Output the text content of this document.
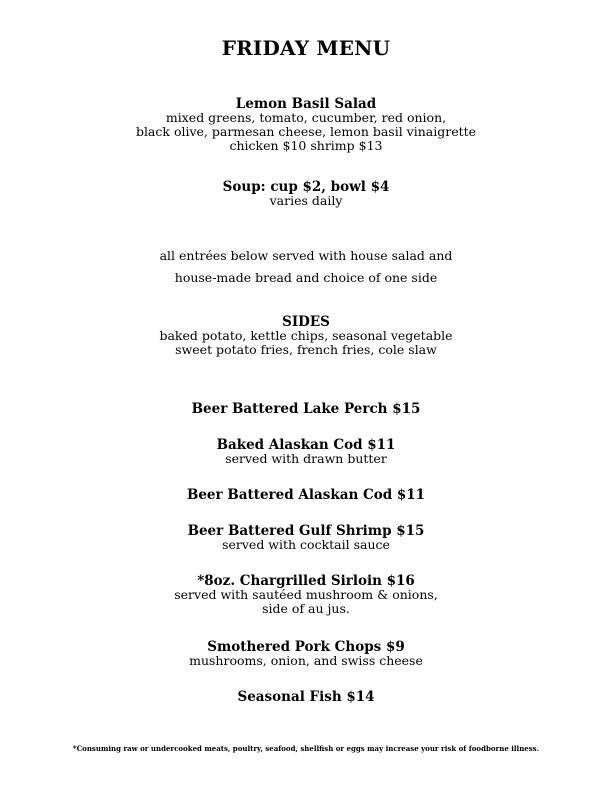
FRIDAY MENU
Lemon Basil Salad
mixed greens, tomato, cucumber, red onion,
black olive, parmesan cheese, lemon basil vinaigrette
chicken $10 shrimp $13
Soup: cup $2, bowl $4
varies daily
all entrées below served with house salad and
house-made bread and choice of one side
SIDES
baked potato, kettle chips, seasonal vegetable
sweet potato fries, french fries, cole slaw
Beer Battered Lake Perch $15
Baked Alaskan Cod $11
served with drawn butter
Beer Battered Alaskan Cod $11
Beer Battered Gulf Shrimp $15
served with cocktail sauce
*8oz. Chargrilled Sirloin $16
served with sautéed mushroom & onions,
side of au jus.
Smothered Pork Chops $9
mushrooms, onion, and swiss cheese
Seasonal Fish $14
*Consuming raw or undercooked meats, poultry, seafood, shellfish or eggs may increase your risk of foodborne illness.
